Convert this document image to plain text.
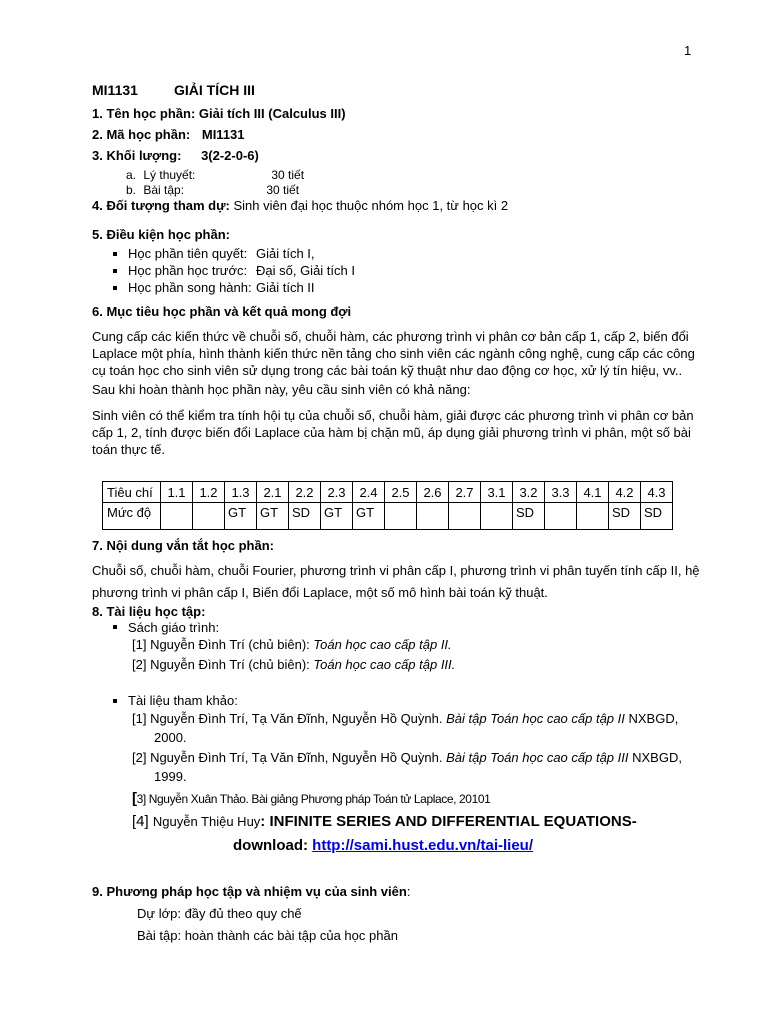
1
MI1131	GIẢI TÍCH III
1. Tên học phần: Giải tích III (Calculus III)
2. Mã học phần: MI1131
3. Khối lượng: 3(2-2-0-6)
a. Lý thuyết:	30 tiết
b. Bài tập:	30 tiết
4. Đối tượng tham dự: Sinh viên đại học thuộc nhóm học 1, từ học kì 2
5. Điều kiện học phần:
Học phần tiên quyết: Giải tích I,
Học phần học trước: Đại số, Giải tích I
Học phần song hành: Giải tích II
6. Mục tiêu học phần và kết quả mong đợi
Cung cấp các kiến thức về chuỗi số, chuỗi hàm, các phương trình vi phân cơ bản cấp 1, cấp 2, biến đổi Laplace một phía, hình thành kiến thức nền tảng cho sinh viên các ngành công nghệ, cung cấp các công cụ toán học cho sinh viên sử dụng trong các bài toán kỹ thuật như dao động cơ học, xử lý tín hiệu, vv..
Sau khi hoàn thành học phần này, yêu cầu sinh viên có khả năng:
Sinh viên có thể kiểm tra tính hội tụ của chuỗi số, chuỗi hàm, giải được các phương trình vi phân cơ bản cấp 1, 2, tính được biến đổi Laplace của hàm bị chặn mũ, áp dụng giải phương trình vi phân, một số bài toán thực tế.
Tiêu chí	1.1	1.2	1.3	2.1	2.2	2.3	2.4	2.5	2.6	2.7	3.1	3.2	3.3	4.1	4.2	4.3
Mức độ			GT	GT	SD	GT	GT					SD			SD	SD
7. Nội dung vắn tắt học phần:
Chuỗi số, chuỗi hàm, chuỗi Fourier, phương trình vi phân cấp I, phương trình vi phân tuyến tính cấp II, hệ phương trình vi phân cấp I, Biến đổi Laplace, một số mô hình bài toán kỹ thuật.
8. Tài liệu học tập:
Sách giáo trình:
[1] Nguyễn Đình Trí (chủ biên): Toán học cao cấp tập II.
[2] Nguyễn Đình Trí (chủ biên): Toán học cao cấp tập III.
Tài liệu tham khảo:
[1] Nguyễn Đình Trí, Tạ Văn Đĩnh, Nguyễn Hồ Quỳnh. Bài tập Toán học cao cấp tập II NXBGD,
2000.
[2] Nguyễn Đình Trí, Tạ Văn Đĩnh, Nguyễn Hồ Quỳnh. Bài tập Toán học cao cấp tập III NXBGD,
1999.
[3] Nguyễn Xuân Thảo. Bài giảng Phương pháp Toán tử Laplace, 20101
[4] Nguyễn Thiệu Huy: INFINITE SERIES AND DIFFERENTIAL EQUATIONS-
download: http://sami.hust.edu.vn/tai-lieu/
9. Phương pháp học tập và nhiệm vụ của sinh viên:
Dự lớp: đầy đủ theo quy chế
Bài tập: hoàn thành các bài tập của học phần
